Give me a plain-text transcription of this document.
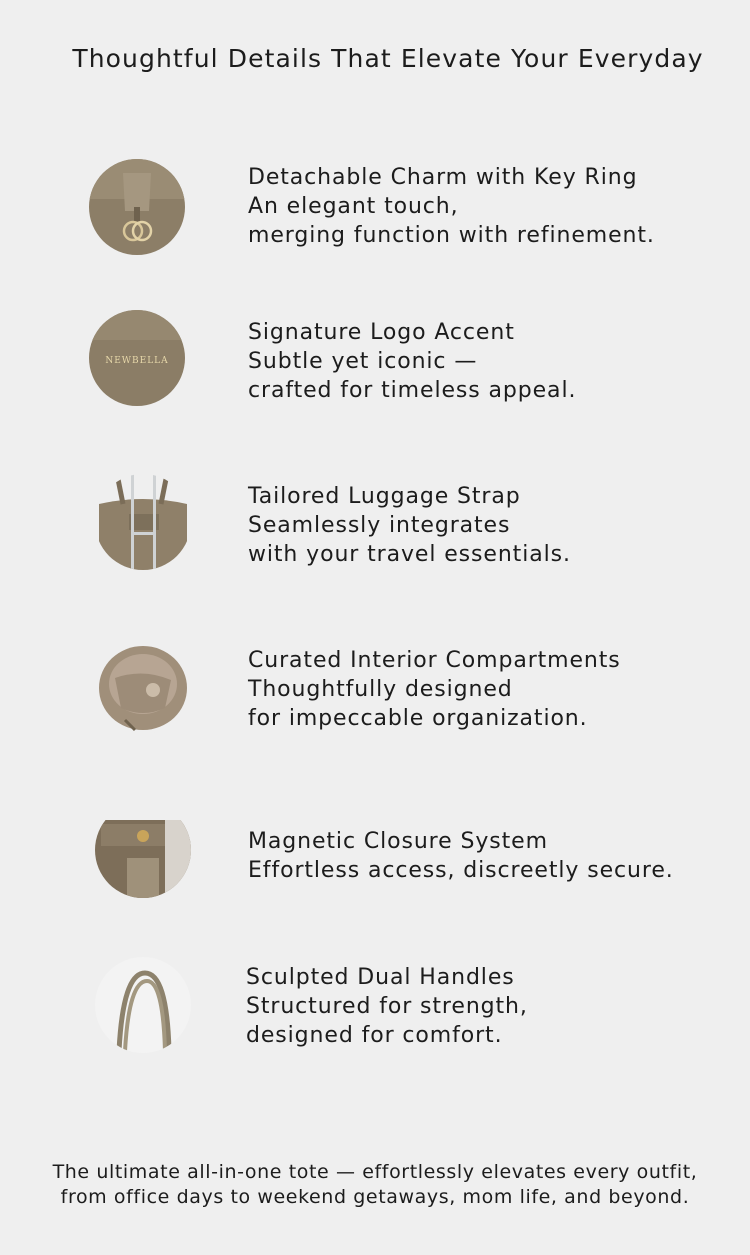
Thoughtful Details That Elevate Your Everyday
Detachable Charm with Key Ring
An elegant touch,
merging function with refinement.
NEWBELLA
Signature Logo Accent
Subtle yet iconic —
crafted for timeless appeal.
Tailored Luggage Strap
Seamlessly integrates
with your travel essentials.
Curated Interior Compartments
Thoughtfully designed
for impeccable organization.
Magnetic Closure System
Effortless access, discreetly secure.
Sculpted Dual Handles
Structured for strength,
designed for comfort.
The ultimate all-in-one tote — effortlessly elevates every outfit,
from office days to weekend getaways, mom life, and beyond.
